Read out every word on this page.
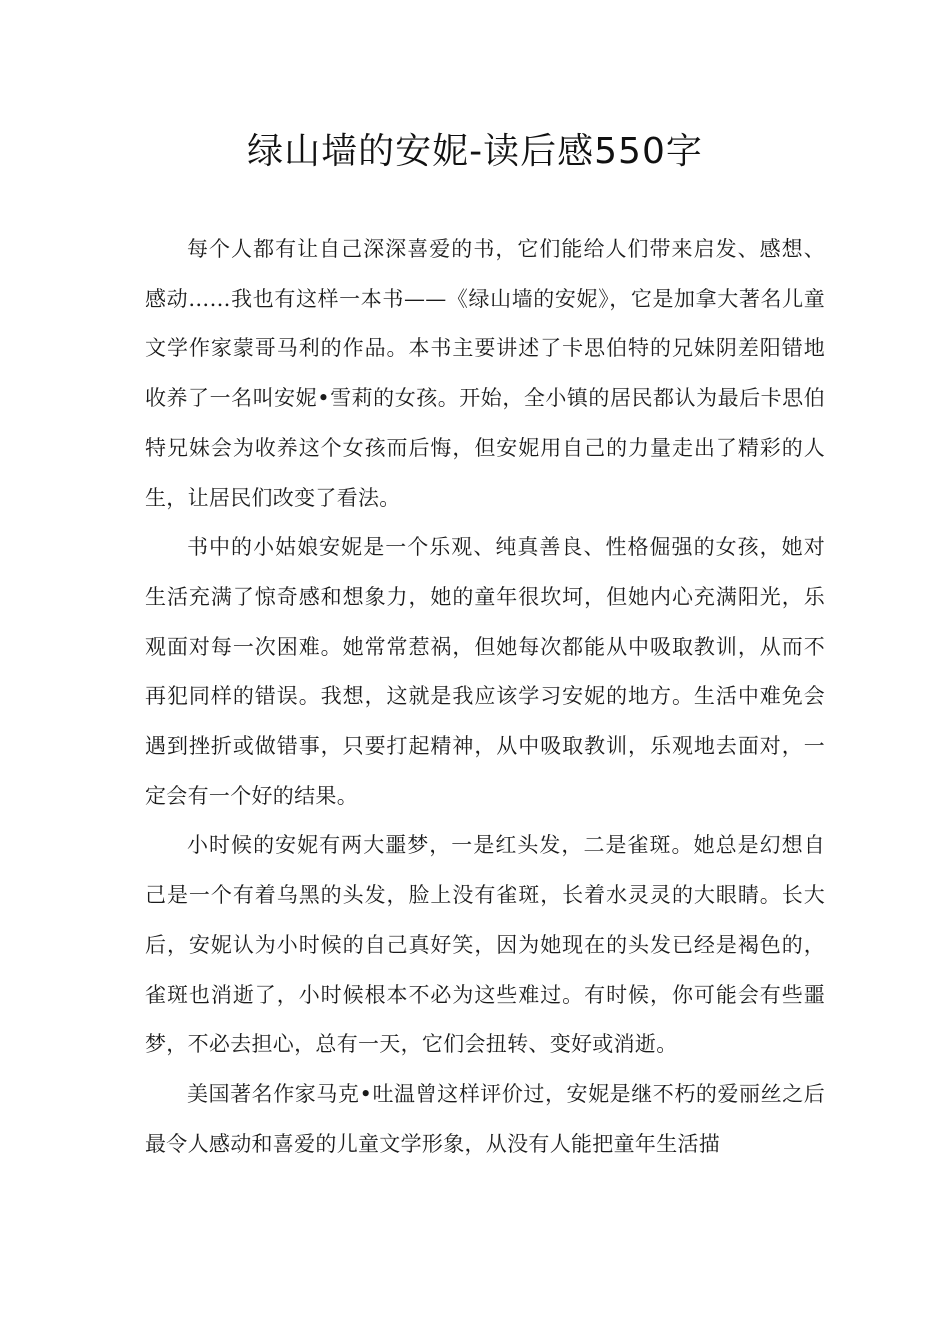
绿山墙的安妮-读后感550字

每个人都有让自己深深喜爱的书，它们能给人们带来启发、感想、感动……我也有这样一本书——《绿山墙的安妮》，它是加拿大著名儿童文学作家蒙哥马利的作品。本书主要讲述了卡思伯特的兄妹阴差阳错地收养了一名叫安妮•雪莉的女孩。开始，全小镇的居民都认为最后卡思伯特兄妹会为收养这个女孩而后悔，但安妮用自己的力量走出了精彩的人生，让居民们改变了看法。

书中的小姑娘安妮是一个乐观、纯真善良、性格倔强的女孩，她对生活充满了惊奇感和想象力，她的童年很坎坷，但她内心充满阳光，乐观面对每一次困难。她常常惹祸，但她每次都能从中吸取教训，从而不再犯同样的错误。我想，这就是我应该学习安妮的地方。生活中难免会遇到挫折或做错事，只要打起精神，从中吸取教训，乐观地去面对，一定会有一个好的结果。

小时候的安妮有两大噩梦，一是红头发，二是雀斑。她总是幻想自己是一个有着乌黑的头发，脸上没有雀斑，长着水灵灵的大眼睛。长大后，安妮认为小时候的自己真好笑，因为她现在的头发已经是褐色的，雀斑也消逝了，小时候根本不必为这些难过。有时候，你可能会有些噩梦，不必去担心，总有一天，它们会扭转、变好或消逝。

美国著名作家马克•吐温曾这样评价过，安妮是继不朽的爱丽丝之后最令人感动和喜爱的儿童文学形象，从没有人能把童年生活描
